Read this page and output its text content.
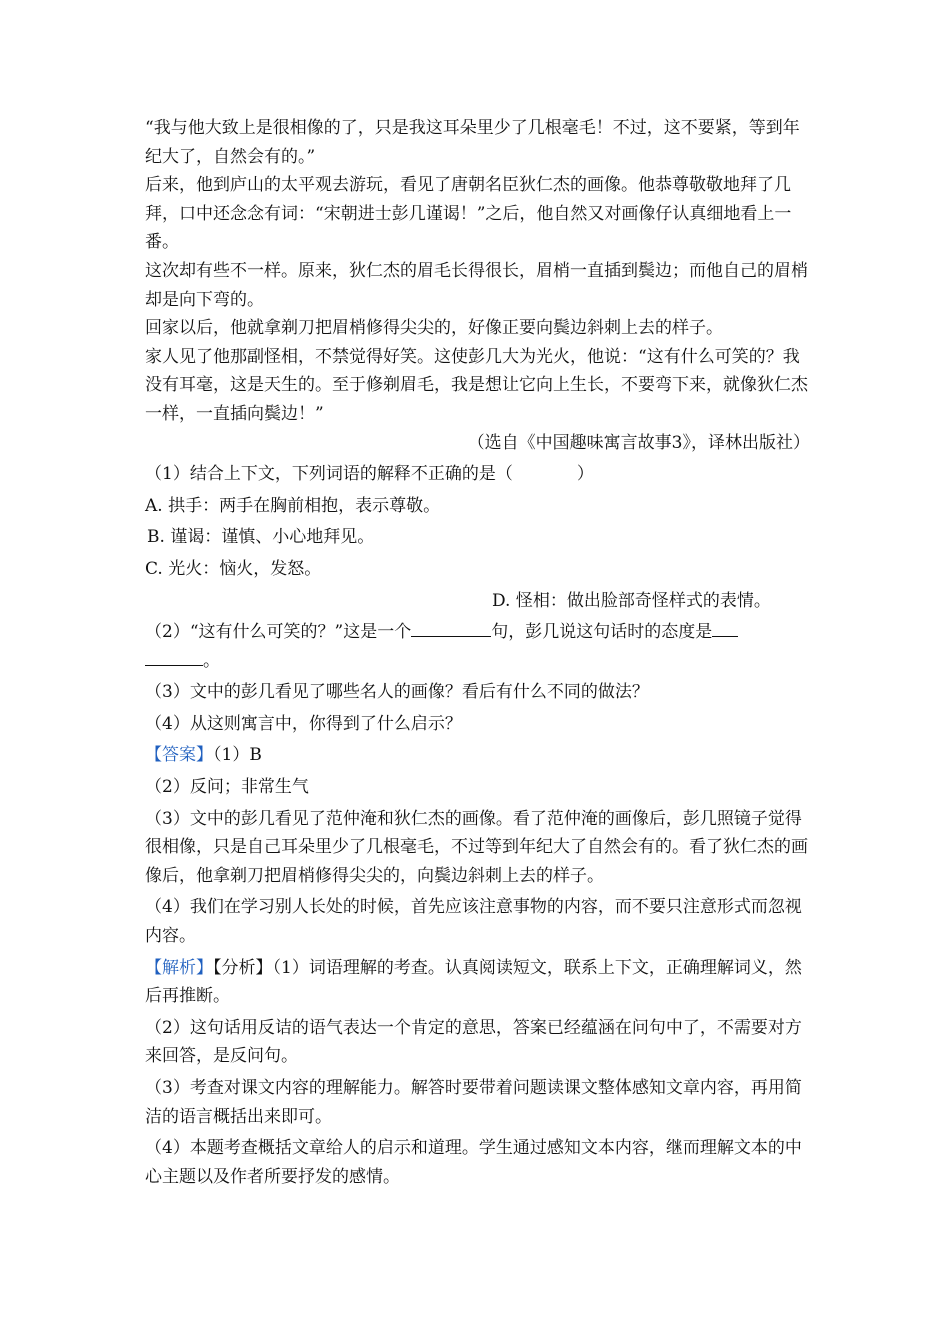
“我与他大致上是很相像的了，只是我这耳朵里少了几根毫毛！不过，这不要紧，等到年纪大了，自然会有的。”

后来，他到庐山的太平观去游玩，看见了唐朝名臣狄仁杰的画像。他恭尊敬敬地拜了几拜，口中还念念有词：“宋朝进士彭几谨谒！”之后，他自然又对画像仔认真细地看上一番。

这次却有些不一样。原来，狄仁杰的眉毛长得很长，眉梢一直插到鬓边；而他自己的眉梢却是向下弯的。

回家以后，他就拿剃刀把眉梢修得尖尖的，好像正要向鬓边斜刺上去的样子。

家人见了他那副怪相，不禁觉得好笑。这使彭几大为光火，他说：“这有什么可笑的？我没有耳毫，这是天生的。至于修剃眉毛，我是想让它向上生长，不要弯下来，就像狄仁杰一样，一直插向鬓边！”

（选自《中国趣味寓言故事3》，译林出版社）

（1）结合上下文，下列词语的解释不正确的是（	）

A. 拱手：两手在胸前相抱，表示尊敬。

B. 谨谒：谨慎、小心地拜见。

C. 光火：恼火，发怒。

D. 怪相：做出脸部奇怪样式的表情。

（2）“这有什么可笑的？”这是一个	句，彭几说这句话时的态度是
。

（3）文中的彭几看见了哪些名人的画像？看后有什么不同的做法？

（4）从这则寓言中，你得到了什么启示？

【答案】（1）B

（2）反问；非常生气

（3）文中的彭几看见了范仲淹和狄仁杰的画像。看了范仲淹的画像后，彭几照镜子觉得很相像，只是自己耳朵里少了几根毫毛，不过等到年纪大了自然会有的。看了狄仁杰的画像后，他拿剃刀把眉梢修得尖尖的，向鬓边斜刺上去的样子。

（4）我们在学习别人长处的时候，首先应该注意事物的内容，而不要只注意形式而忽视内容。

【解析】【分析】（1）词语理解的考查。认真阅读短文，联系上下文，正确理解词义，然后再推断。

（2）这句话用反诘的语气表达一个肯定的意思，答案已经蕴涵在问句中了，不需要对方来回答，是反问句。

（3）考查对课文内容的理解能力。解答时要带着问题读课文整体感知文章内容，再用简洁的语言概括出来即可。

（4）本题考查概括文章给人的启示和道理。学生通过感知文本内容，继而理解文本的中心主题以及作者所要抒发的感情。
